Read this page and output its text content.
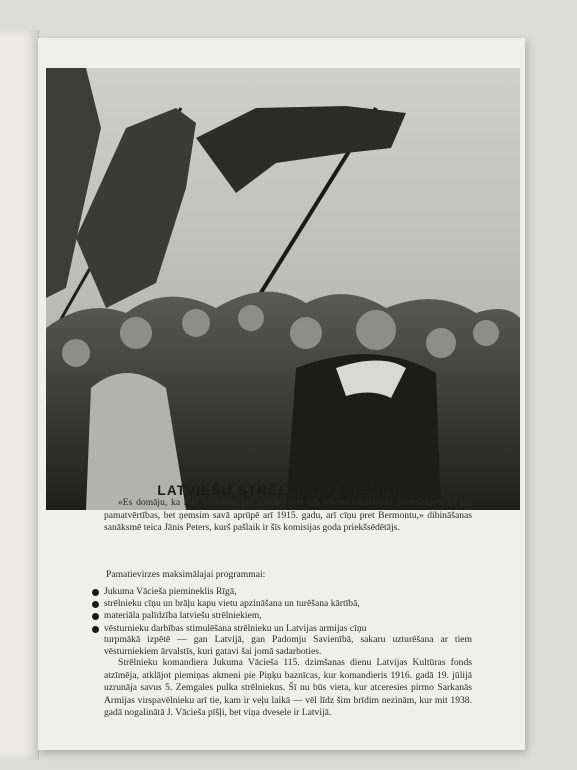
LATVIEŠU STRĒLNIEKU PIEMIŅA
«Es domāju, ka mes paliekam pie sarkanajiem jeb revolucionārajiem strēlniekiem kā pie pamatvērtības, bet ņemsim savā aprūpē arī 1915. gadu, arī cīņu pret Bermontu,» dibināšanas sanāksmē teica Jānis Peters, kurš pašlaik ir šīs komisijas goda priekšsēdētājs.
Pamatievirzes maksimālajai programmai:
Jukuma Vācieša piemineklis Rīgā,
strēlnieku cīņu un brāļu kapu vietu apzināšana un turēšana kārtībā,
materiāla palīdzība latviešu strēlniekiem,
vēsturnieku darbības stimulēšana strēlnieku un Latvijas armijas cīņu
turpmākā izpētē — gan Latvijā, gan Padomju Savienībā, sakaru uzturēšana ar tiem vēsturniekiem ārvalstīs, kuri gatavi šai jomā sadarboties.
Strēlnieku komandiera Jukuma Vācieša 115. dzimšanas dienu Latvijas Kultūras fonds atzīmēja, atklājot piemiņas akmeni pie Piņķu baznīcas, kur komandieris 1916. gadā 19. jūlijā uzrunāja savus 5. Zemgales pulka strēlniekus. Šī nu būs vieta, kur atceresies pirmo Sarkanās Armijas virspavēlnieku arī tie, kam ir veļu laikā — vēl līdz šim brīdim nezinām, kur mit 1938. gadā nogalinātā J. Vācieša pīšļi, bet viņa dvesele ir Latvijā.
